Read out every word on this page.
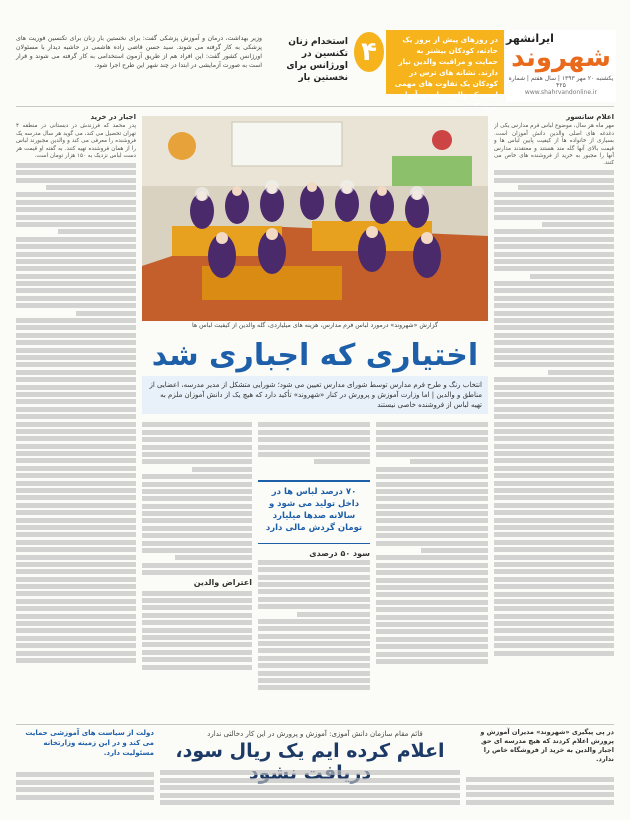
ایرانشهر
شهروند
یکشنبه ۲۰ مهر ۱۳۹۳ | سال هفتم | شماره ۴۲۵
www.shahrvandonline.ir
در روزهای پیش از بروز یک حادثه، کودکان بیشتر به حمایت و مراقبت والدین نیاز دارند. نشانه های ترس در کودکان یک تفاوت های مهمی است که والدین باید به آنها
۴
استخدام زنان تکنسین در اورژانس برای نخستین بار
وزیر بهداشت، درمان و آموزش پزشکی گفت: برای نخستین بار زنان برای تکنسین فوریت های پزشکی به کار گرفته می شوند. سید حسن قاضی زاده هاشمی در حاشیه دیدار با مسئولان اورژانس کشور گفت: این افراد هم از طریق آزمون استخدامی به کار گرفته می شوند و قرار است به صورت آزمایشی در ابتدا در چند شهر این طرح اجرا شود.

اعلام سانسور

مهر ماه هر سال، موضوع لباس فرم مدارس یکی از دغدغه های اصلی والدین دانش آموزان است. بسیاری از خانواده ها از کیفیت پایین لباس ها و قیمت بالای آنها گله مند هستند و معتقدند مدارس آنها را مجبور به خرید از فروشنده های خاص می کنند.

اجبار در خرید

پدر محمد که فرزندش در دبستانی در منطقه ۴ تهران تحصیل می کند، می گوید هر سال مدرسه یک فروشنده را معرفی می کند و والدین مجبورند لباس را از همان فروشنده تهیه کنند. به گفته او قیمت هر دست لباس نزدیک به ۱۵۰ هزار تومان است.

گزارش «شهروند» درمورد لباس فرم مدارس، هزینه های میلیاردی، گله والدین از کیفیت لباس ها
اختیاری که اجباری شد
انتخاب رنگ و طرح فرم مدارس توسط شورای مدارس تعیین می شود؛ شورایی متشکل از مدیر مدرسه، اعضایی از مناطق و والدین | اما وزارت آموزش و پرورش در کنار «شهروند» تأکید دارد که هیچ یک از دانش آموزان ملزم به تهیه لباس از فروشنده خاصی نیستند
۷۰ درصد لباس ها در داخل تولید می شود و سالانه صدها میلیارد تومان گردش مالی دارد

سود ۵۰ درصدی

اعتراض والدین

در پی پیگیری «شهروند» مدیران آموزش و پرورش اعلام کردند که هیچ مدرسه ای حق اجبار والدین به خرید از فروشگاه خاص را ندارد.
قائم مقام سازمان دانش آموزی: آموزش و پرورش در این کار دخالتی ندارد
اعلام کرده ایم یک ریال سود،
دولت از سیاست های آموزشی حمایت می کند و در این زمینه وزارتخانه مسئولیت دارد.
